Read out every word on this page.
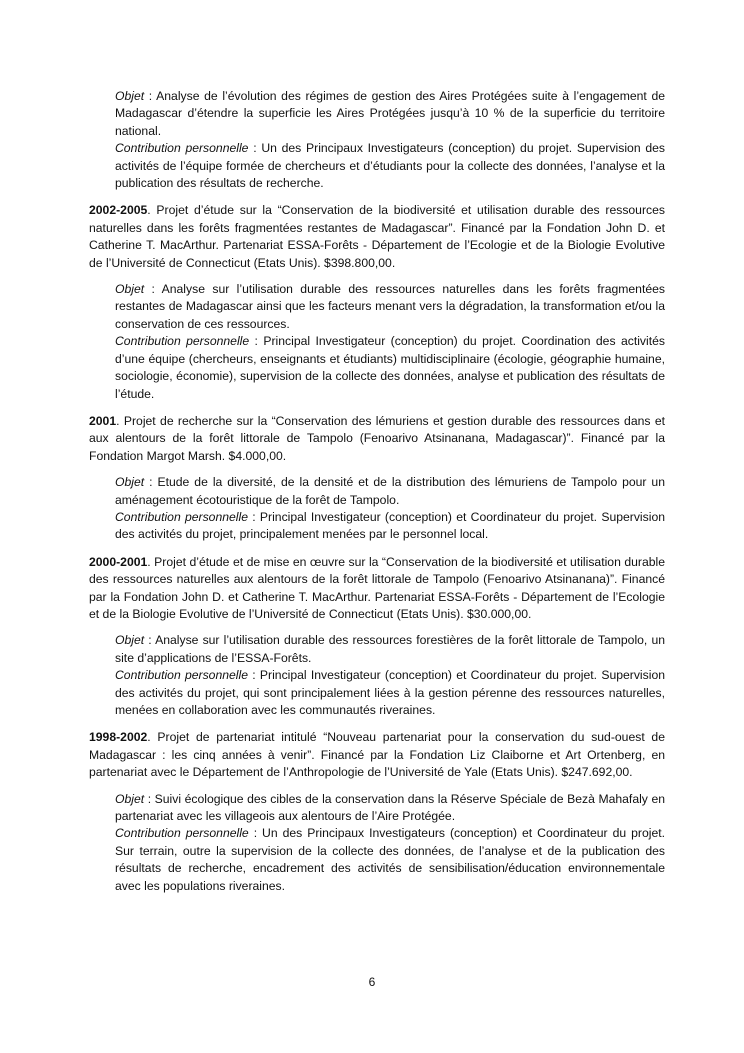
Objet : Analyse de l’évolution des régimes de gestion des Aires Protégées suite à l’engagement de Madagascar d’étendre la superficie les Aires Protégées jusqu’à 10 % de la superficie du territoire national.

Contribution personnelle : Un des Principaux Investigateurs (conception) du projet. Supervision des activités de l’équipe formée de chercheurs et d’étudiants pour la collecte des données, l’analyse et la publication des résultats de recherche.

2002-2005. Projet d’étude sur la “Conservation de la biodiversité et utilisation durable des ressources naturelles dans les forêts fragmentées restantes de Madagascar”. Financé par la Fondation John D. et Catherine T. MacArthur. Partenariat ESSA-Forêts - Département de l’Ecologie et de la Biologie Evolutive de l’Université de Connecticut (Etats Unis). $398.800,00.

Objet : Analyse sur l’utilisation durable des ressources naturelles dans les forêts fragmentées restantes de Madagascar ainsi que les facteurs menant vers la dégradation, la transformation et/ou la conservation de ces ressources.

Contribution personnelle : Principal Investigateur (conception) du projet. Coordination des activités d’une équipe (chercheurs, enseignants et étudiants) multidisciplinaire (écologie, géographie humaine, sociologie, économie), supervision de la collecte des données, analyse et publication des résultats de l’étude.

2001. Projet de recherche sur la “Conservation des lémuriens et gestion durable des ressources dans et aux alentours de la forêt littorale de Tampolo (Fenoarivo Atsinanana, Madagascar)”. Financé par la Fondation Margot Marsh. $4.000,00.

Objet : Etude de la diversité, de la densité et de la distribution des lémuriens de Tampolo pour un aménagement écotouristique de la forêt de Tampolo.

Contribution personnelle : Principal Investigateur (conception) et Coordinateur du projet. Supervision des activités du projet, principalement menées par le personnel local.

2000-2001. Projet d’étude et de mise en œuvre sur la “Conservation de la biodiversité et utilisation durable des ressources naturelles aux alentours de la forêt littorale de Tampolo (Fenoarivo Atsinanana)”. Financé par la Fondation John D. et Catherine T. MacArthur. Partenariat ESSA-Forêts - Département de l’Ecologie et de la Biologie Evolutive de l’Université de Connecticut (Etats Unis). $30.000,00.

Objet : Analyse sur l’utilisation durable des ressources forestières de la forêt littorale de Tampolo, un site d’applications de l’ESSA-Forêts.

Contribution personnelle : Principal Investigateur (conception) et Coordinateur du projet. Supervision des activités du projet, qui sont principalement liées à la gestion pérenne des ressources naturelles, menées en collaboration avec les communautés riveraines.

1998-2002. Projet de partenariat intitulé “Nouveau partenariat pour la conservation du sud-ouest de Madagascar : les cinq années à venir”. Financé par la Fondation Liz Claiborne et Art Ortenberg, en partenariat avec le Département de l’Anthropologie de l’Université de Yale (Etats Unis). $247.692,00.

Objet : Suivi écologique des cibles de la conservation dans la Réserve Spéciale de Bezà Mahafaly en partenariat avec les villageois aux alentours de l’Aire Protégée.

Contribution personnelle : Un des Principaux Investigateurs (conception) et Coordinateur du projet. Sur terrain, outre la supervision de la collecte des données, de l’analyse et de la publication des résultats de recherche, encadrement des activités de sensibilisation/éducation environnementale avec les populations riveraines.

6
